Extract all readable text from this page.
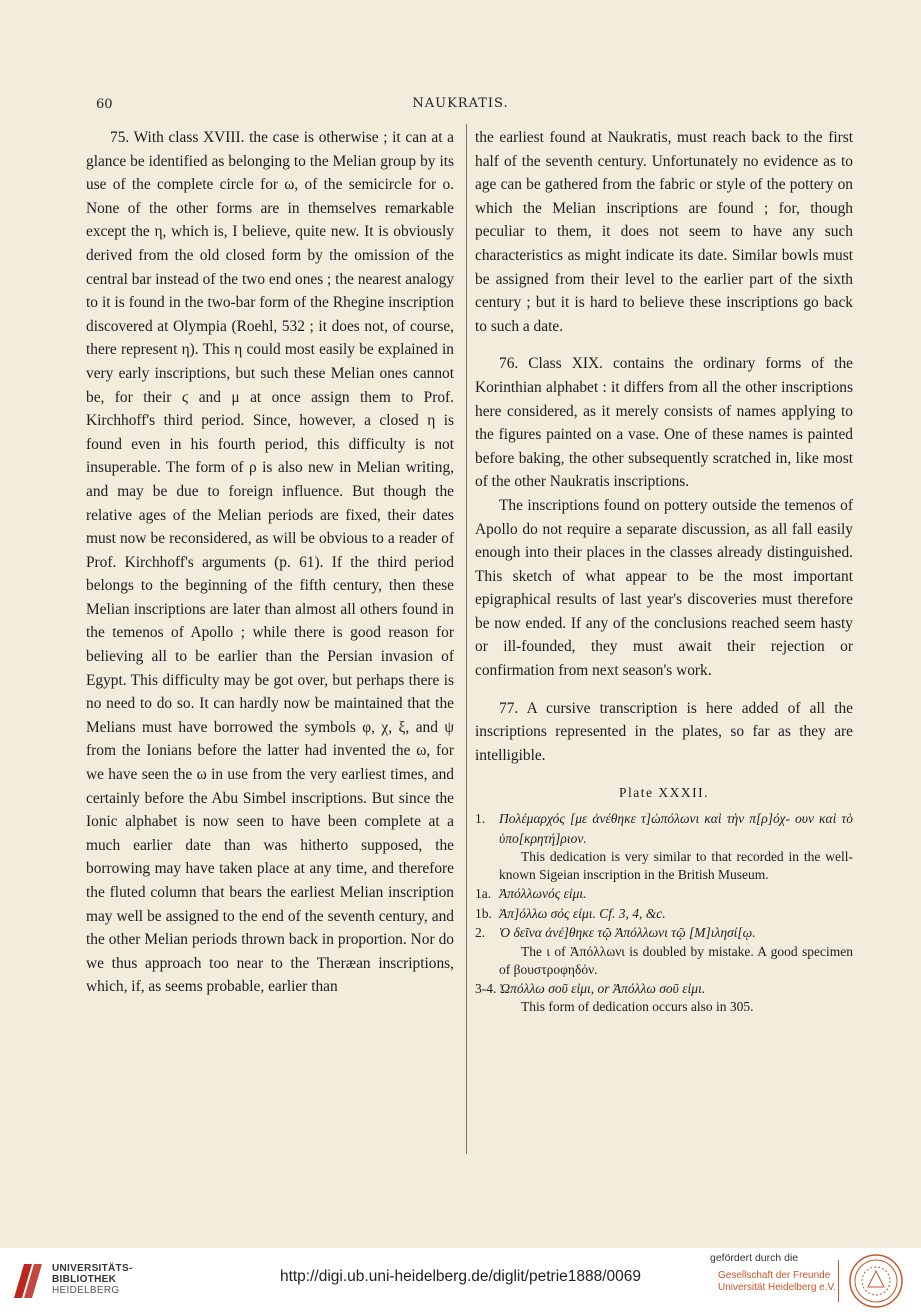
60	NAUKRATIS.

75. With class XVIII. the case is otherwise ; it can at a glance be identified as belonging to the Melian group by its use of the complete circle for ω, of the semicircle for ο. None of the other forms are in themselves remarkable except the η, which is, I believe, quite new. It is obviously derived from the old closed form by the omission of the central bar instead of the two end ones ; the nearest analogy to it is found in the two-bar form of the Rhegine inscription discovered at Olympia (Roehl, 532 ; it does not, of course, there represent η). This η could most easily be explained in very early inscriptions, but such these Melian ones cannot be, for their ϛ and μ at once assign them to Prof. Kirchhoff's third period. Since, however, a closed η is found even in his fourth period, this difficulty is not insuperable. The form of ρ is also new in Melian writing, and may be due to foreign influence. But though the relative ages of the Melian periods are fixed, their dates must now be reconsidered, as will be obvious to a reader of Prof. Kirchhoff's arguments (p. 61). If the third period belongs to the beginning of the fifth century, then these Melian inscriptions are later than almost all others found in the temenos of Apollo ; while there is good reason for believing all to be earlier than the Persian invasion of Egypt. This difficulty may be got over, but perhaps there is no need to do so. It can hardly now be maintained that the Melians must have borrowed the symbols φ, χ, ξ, and ψ from the Ionians before the latter had invented the ω, for we have seen the ω in use from the very earliest times, and certainly before the Abu Simbel inscriptions. But since the Ionic alphabet is now seen to have been complete at a much earlier date than was hitherto supposed, the borrowing may have taken place at any time, and therefore the fluted column that bears the earliest Melian inscription may well be assigned to the end of the seventh century, and the other Melian periods thrown back in proportion. Nor do we thus approach too near to the Theræan inscriptions, which, if, as seems probable, earlier than

the earliest found at Naukratis, must reach back to the first half of the seventh century. Unfortunately no evidence as to age can be gathered from the fabric or style of the pottery on which the Melian inscriptions are found ; for, though peculiar to them, it does not seem to have any such characteristics as might indicate its date. Similar bowls must be assigned from their level to the earlier part of the sixth century ; but it is hard to believe these inscriptions go back to such a date.

76. Class XIX. contains the ordinary forms of the Korinthian alphabet : it differs from all the other inscriptions here considered, as it merely consists of names applying to the figures painted on a vase. One of these names is painted before baking, the other subsequently scratched in, like most of the other Naukratis inscriptions.

The inscriptions found on pottery outside the temenos of Apollo do not require a separate discussion, as all fall easily enough into their places in the classes already distinguished. This sketch of what appear to be the most important epigraphical results of last year's discoveries must therefore be now ended. If any of the conclusions reached seem hasty or ill-founded, they must await their rejection or confirmation from next season's work.

77. A cursive transcription is here added of all the inscriptions represented in the plates, so far as they are intelligible.

Plate XXXII.

1.	Πολέμαρχός [με ἀνέθηκε τ]ὠπόλωνι καὶ τὴν π[ρ]όχ- ουν καὶ τὸ ὑπο[κρητή]ριον.
This dedication is very similar to that recorded in the well-known Sigeian inscription in the British Museum.
1a. Ἀπόλλωνός εἰμι.
1b. Ἀπ]όλλω σός εἰμι. Cf. 3, 4, &c.
2.	Ὁ δεῖνα ἀνέ]θηκε τῷ Ἀπόλλωνι τῷ [Μ]ιλησί[ῳ.
The ι of Ἀπόλλωνι is doubled by mistake. A good specimen of βουστροφηδόν.
3-4. Ὠπόλλω σοῦ εἰμι, or Ἀπόλλω σοῦ εἰμι.
This form of dedication occurs also in 305.
UNIVERSITÄTS-
BIBLIOTHEK
HEIDELBERG
http://digi.ub.uni-heidelberg.de/diglit/petrie1888/0069
gefördert durch die
Gesellschaft der Freunde
Universität Heidelberg e.V.
